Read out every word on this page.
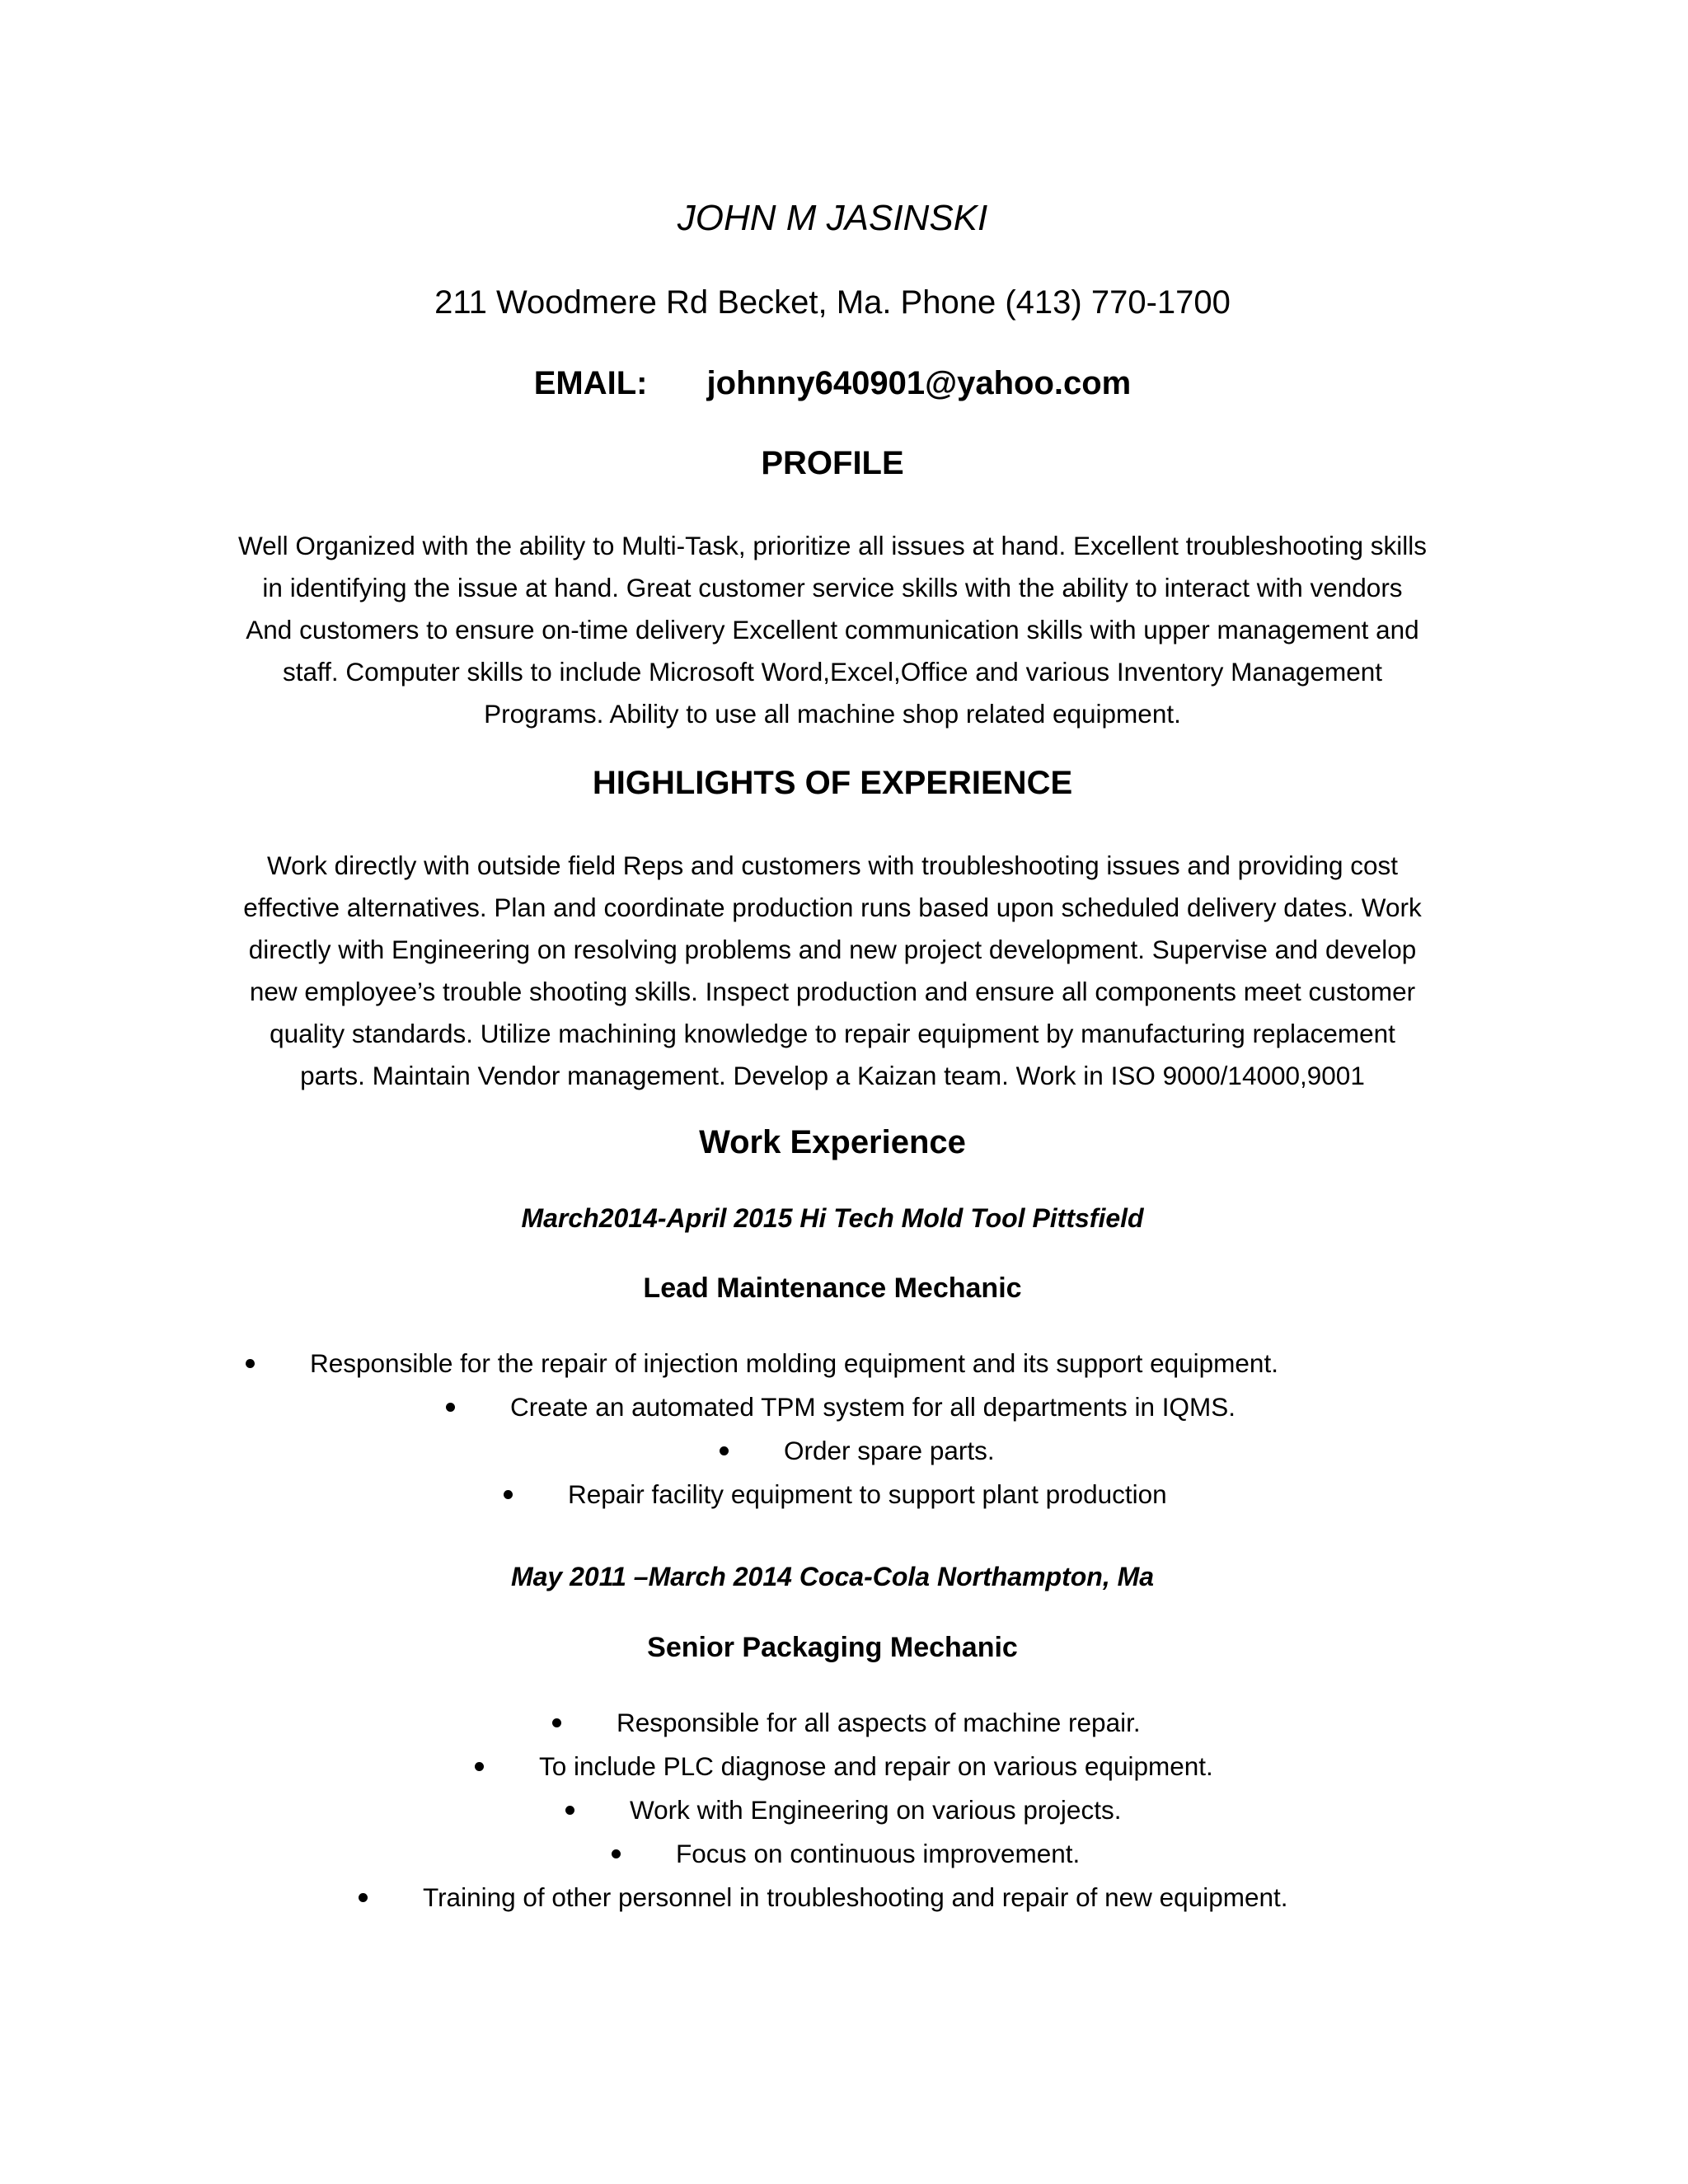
JOHN M JASINSKI
211 Woodmere Rd Becket, Ma. Phone (413) 770-1700
EMAIL: johnny640901@yahoo.com
PROFILE
Well Organized with the ability to Multi-Task, prioritize all issues at hand. Excellent troubleshooting skills
in identifying the issue at hand. Great customer service skills with the ability to interact with vendors
And customers to ensure on-time delivery Excellent communication skills with upper management and
staff. Computer skills to include Microsoft Word,Excel,Office and various Inventory Management
Programs. Ability to use all machine shop related equipment.
HIGHLIGHTS OF EXPERIENCE
Work directly with outside field Reps and customers with troubleshooting issues and providing cost
effective alternatives. Plan and coordinate production runs based upon scheduled delivery dates. Work
directly with Engineering on resolving problems and new project development. Supervise and develop
new employee’s trouble shooting skills. Inspect production and ensure all components meet customer
quality standards. Utilize machining knowledge to repair equipment by manufacturing replacement
parts. Maintain Vendor management. Develop a Kaizan team. Work in ISO 9000/14000,9001
Work Experience
March2014-April 2015 Hi Tech Mold Tool Pittsfield
Lead Maintenance Mechanic
Responsible for the repair of injection molding equipment and its support equipment.
Create an automated TPM system for all departments in IQMS.
Order spare parts.
Repair facility equipment to support plant production
May 2011 –March 2014 Coca-Cola Northampton, Ma
Senior Packaging Mechanic
Responsible for all aspects of machine repair.
To include PLC diagnose and repair on various equipment.
Work with Engineering on various projects.
Focus on continuous improvement.
Training of other personnel in troubleshooting and repair of new equipment.
